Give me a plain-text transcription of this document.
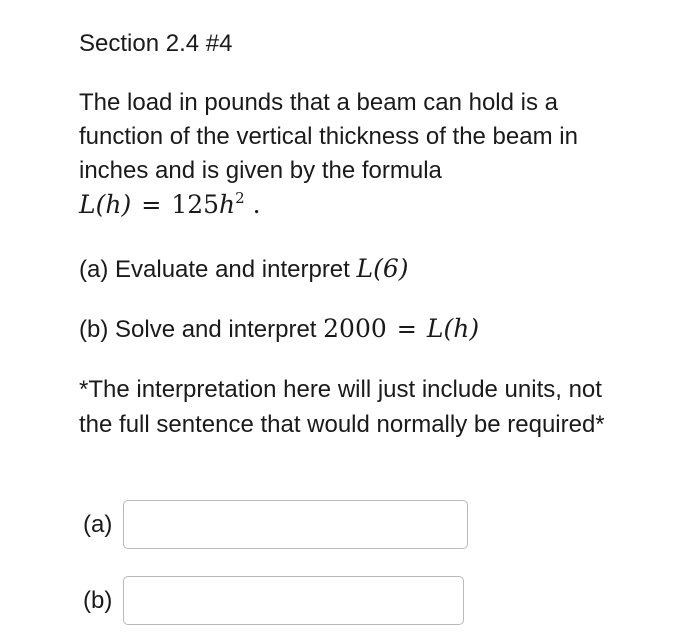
Section 2.4 #4
The load in pounds that a beam can hold is a function of the vertical thickness of the beam in inches and is given by the formula
$L(h) = 125h^2$ .
(a) Evaluate and interpret L(6)
(b) Solve and interpret 2000 = L(h)
*The interpretation here will just include units, not the full sentence that would normally be required*
(a)
(b)
